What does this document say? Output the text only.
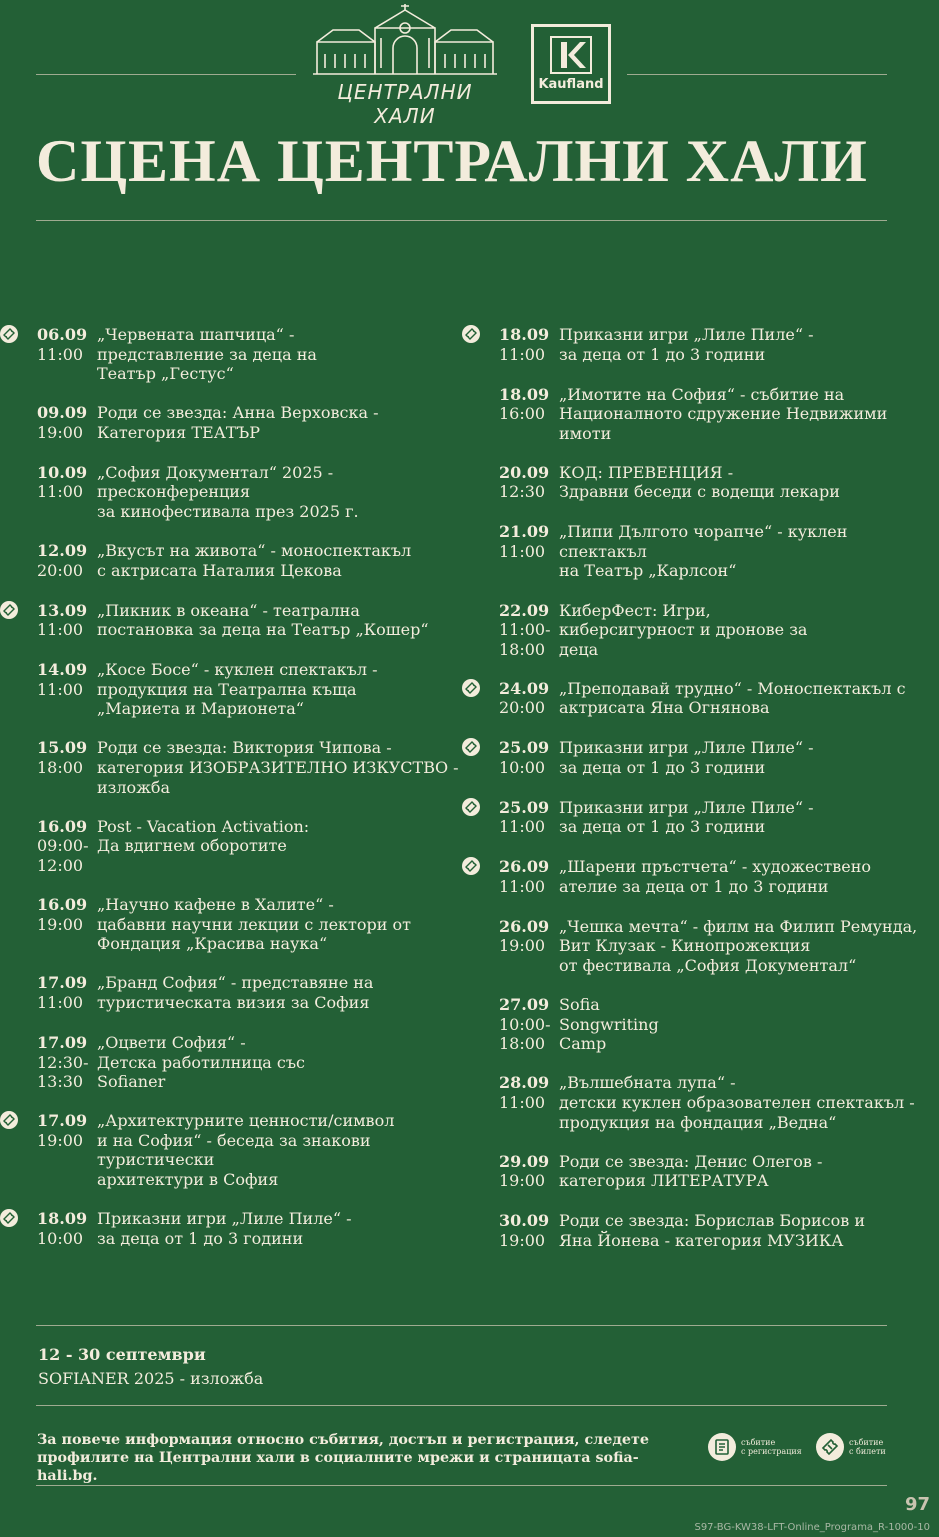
ЦЕНТРАЛНИ ХАЛИ
Kaufland
СЦЕНА ЦЕНТРАЛНИ ХАЛИ
06.09
11:00
„Червената шапчица“ -
представление за деца на
Театър „Гестус“
09.09
19:00
Роди се звезда: Анна Верховска -
Категория ТЕАТЪР
10.09
11:00
„София Документал“ 2025 - пресконференция
за кинофестивала през 2025 г.
12.09
20:00
„Вкусът на живота“ - моноспектакъл
с актрисата Наталия Цекова
13.09
11:00
„Пикник в океана“ - театрална
постановка за деца на Театър „Кошер“
14.09
11:00
„Косе Босе“ - куклен спектакъл -
продукция на Театрална къща
„Мариета и Марионета“
15.09
18:00
Роди се звезда: Виктория Чипова -
категория ИЗОБРАЗИТЕЛНО ИЗКУСТВО -
изложба
16.09
09:00-
12:00
Post - Vacation Activation:
Да вдигнем оборотите
16.09
19:00
„Научно кафене в Халите“ -
цабавни научни лекции с лектори от
Фондация „Красива наука“
17.09
11:00
„Бранд София“ - представяне на
туристическата визия за София
17.09
12:30-
13:30
„Оцвети София“ -
Детска работилница със
Sofianer
17.09
19:00
„Архитектурните ценности/символ
и на София“ - беседа за знакови туристически
архитектури в София
18.09
10:00
Приказни игри „Лиле Пиле“ -
за деца от 1 до 3 години
18.09
11:00
Приказни игри „Лиле Пиле“ -
за деца от 1 до 3 години
18.09
16:00
„Имотите на София“ - събитие на
Националното сдружение Недвижими имоти
20.09
12:30
КОД: ПРЕВЕНЦИЯ -
Здравни беседи с водещи лекари
21.09
11:00
„Пипи Дългото чорапче“ - куклен спектакъл
на Театър „Карлсон“
22.09
11:00-
18:00
КиберФест: Игри,
киберсигурност и дронове за
деца
24.09
20:00
„Преподавай трудно“ - Моноспектакъл с
актрисата Яна Огнянова
25.09
10:00
Приказни игри „Лиле Пиле“ -
за деца от 1 до 3 години
25.09
11:00
Приказни игри „Лиле Пиле“ -
за деца от 1 до 3 години
26.09
11:00
„Шарени пръстчета“ - художествено
ателие за деца от 1 до 3 години
26.09
19:00
„Чешка мечта“ - филм на Филип Ремунда,
Вит Клузак - Кинопрожекция
от фестивала „София Документал“
27.09
10:00-
18:00
Sofia
Songwriting
Camp
28.09
11:00
„Вълшебната лупа“ -
детски куклен образователен спектакъл -
продукция на фондация „Ведна“
29.09
19:00
Роди се звезда: Денис Олегов -
категория ЛИТЕРАТУРА
30.09
19:00
Роди се звезда: Борислав Борисов и
Яна Йонева - категория МУЗИКА
12 - 30 септември
SOFIANER 2025 - изложба
За повече информация относно събития, достъп и регистрация, следете профилите на Централни хали в социалните мрежи и страницата sofia-hali.bg.
събитие
с регистрация
събитие
с билети
97
S97-BG-KW38-LFT-Online_Programa_R-1000-10
